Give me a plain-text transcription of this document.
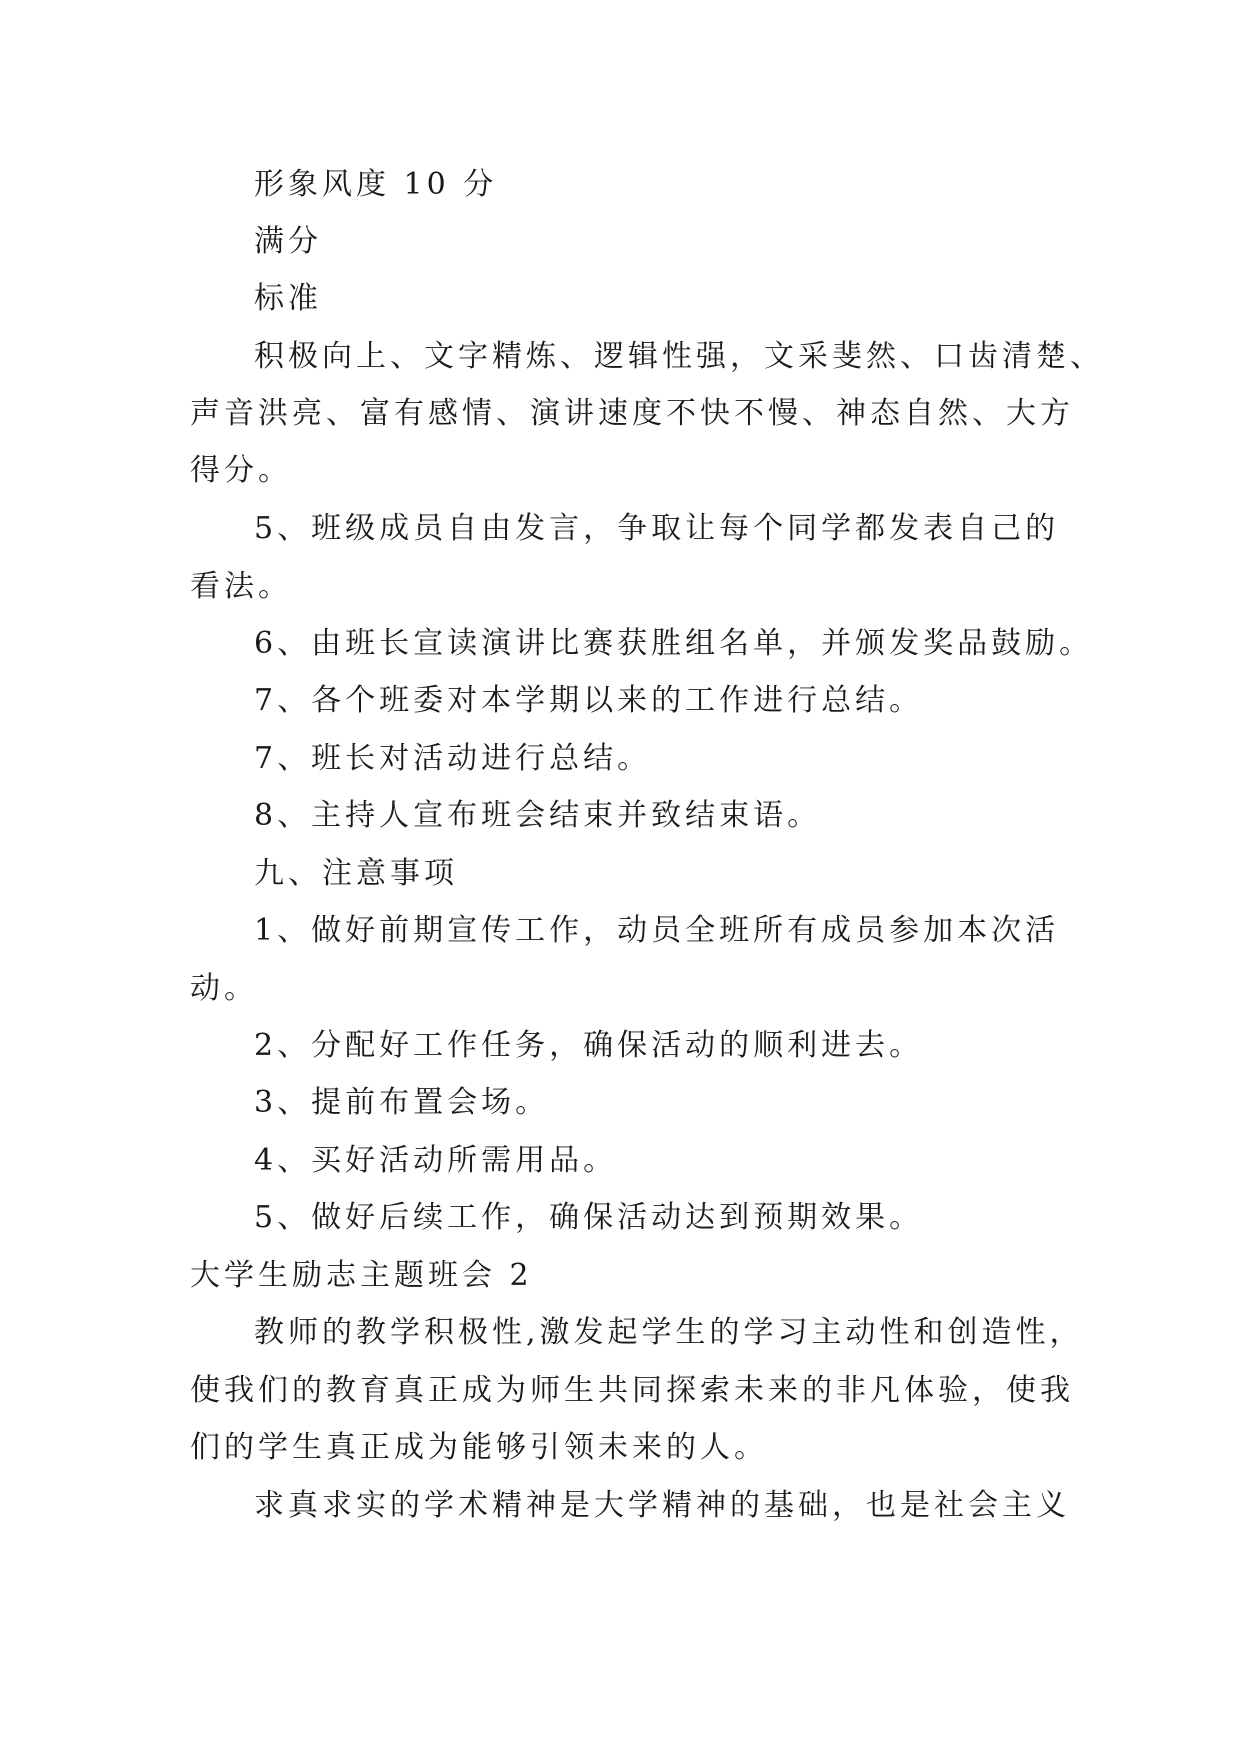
形象风度 10 分
满分
标准
积极向上、文字精炼、逻辑性强，文采斐然、口齿清楚、
声音洪亮、富有感情、演讲速度不快不慢、神态自然、大方
得分。
5、班级成员自由发言，争取让每个同学都发表自己的
看法。
6、由班长宣读演讲比赛获胜组名单，并颁发奖品鼓励。
7、各个班委对本学期以来的工作进行总结。
7、班长对活动进行总结。
8、主持人宣布班会结束并致结束语。
九、注意事项
1、做好前期宣传工作，动员全班所有成员参加本次活
动。
2、分配好工作任务，确保活动的顺利进去。
3、提前布置会场。
4、买好活动所需用品。
5、做好后续工作，确保活动达到预期效果。
大学生励志主题班会 2
教师的教学积极性,激发起学生的学习主动性和创造性，
使我们的教育真正成为师生共同探索未来的非凡体验，使我
们的学生真正成为能够引领未来的人。
求真求实的学术精神是大学精神的基础，也是社会主义
